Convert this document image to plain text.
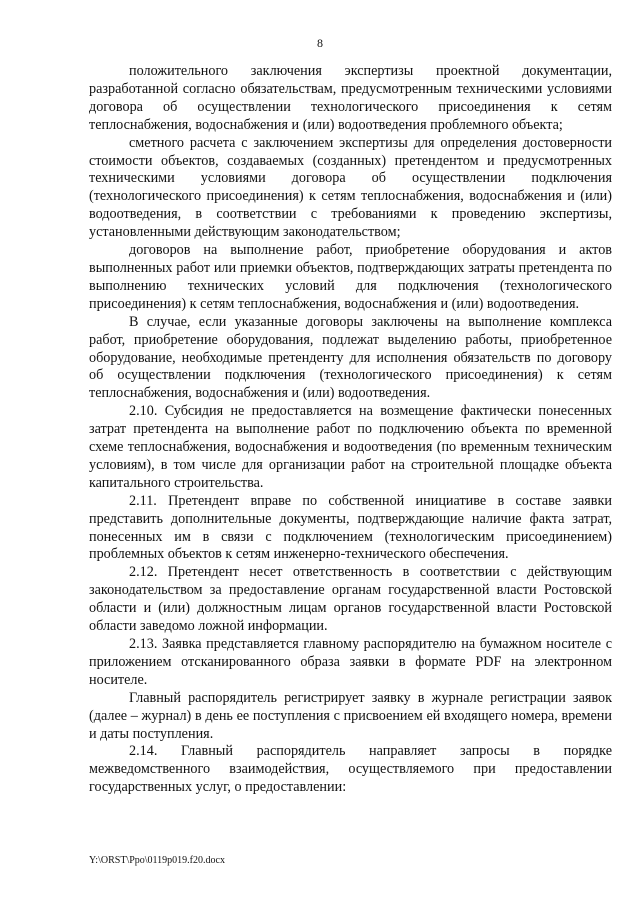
8

положительного заключения экспертизы проектной документации, разработанной согласно обязательствам, предусмотренным техническими условиями договора об осуществлении технологического присоединения к сетям теплоснабжения, водоснабжения и (или) водоотведения проблемного объекта;

сметного расчета с заключением экспертизы для определения достоверности стоимости объектов, создаваемых (созданных) претендентом и предусмотренных техническими условиями договора об осуществлении подключения (технологического присоединения) к сетям теплоснабжения, водоснабжения и (или) водоотведения, в соответствии с требованиями к проведению экспертизы, установленными действующим законодательством;

договоров на выполнение работ, приобретение оборудования и актов выполненных работ или приемки объектов, подтверждающих затраты претендента по выполнению технических условий для подключения (технологического присоединения) к сетям теплоснабжения, водоснабжения и (или) водоотведения.

В случае, если указанные договоры заключены на выполнение комплекса работ, приобретение оборудования, подлежат выделению работы, приобретенное оборудование, необходимые претенденту для исполнения обязательств по договору об осуществлении подключения (технологического присоединения) к сетям теплоснабжения, водоснабжения и (или) водоотведения.

2.10. Субсидия не предоставляется на возмещение фактически понесенных затрат претендента на выполнение работ по подключению объекта по временной схеме теплоснабжения, водоснабжения и водоотведения (по временным техническим условиям), в том числе для организации работ на строительной площадке объекта капитального строительства.

2.11. Претендент вправе по собственной инициативе в составе заявки представить дополнительные документы, подтверждающие наличие факта затрат, понесенных им в связи с подключением (технологическим присоединением) проблемных объектов к сетям инженерно-технического обеспечения.

2.12. Претендент несет ответственность в соответствии с действующим законодательством за предоставление органам государственной власти Ростовской области и (или) должностным лицам органов государственной власти Ростовской области заведомо ложной информации.

2.13. Заявка представляется главному распорядителю на бумажном носителе с приложением отсканированного образа заявки в формате PDF на электронном носителе.

Главный распорядитель регистрирует заявку в журнале регистрации заявок (далее – журнал) в день ее поступления с присвоением ей входящего номера, времени и даты поступления.

2.14. Главный распорядитель направляет запросы в порядке межведомственного взаимодействия, осуществляемого при предоставлении государственных услуг, о предоставлении:

Y:\ORST\Ppo\0119p019.f20.docx
